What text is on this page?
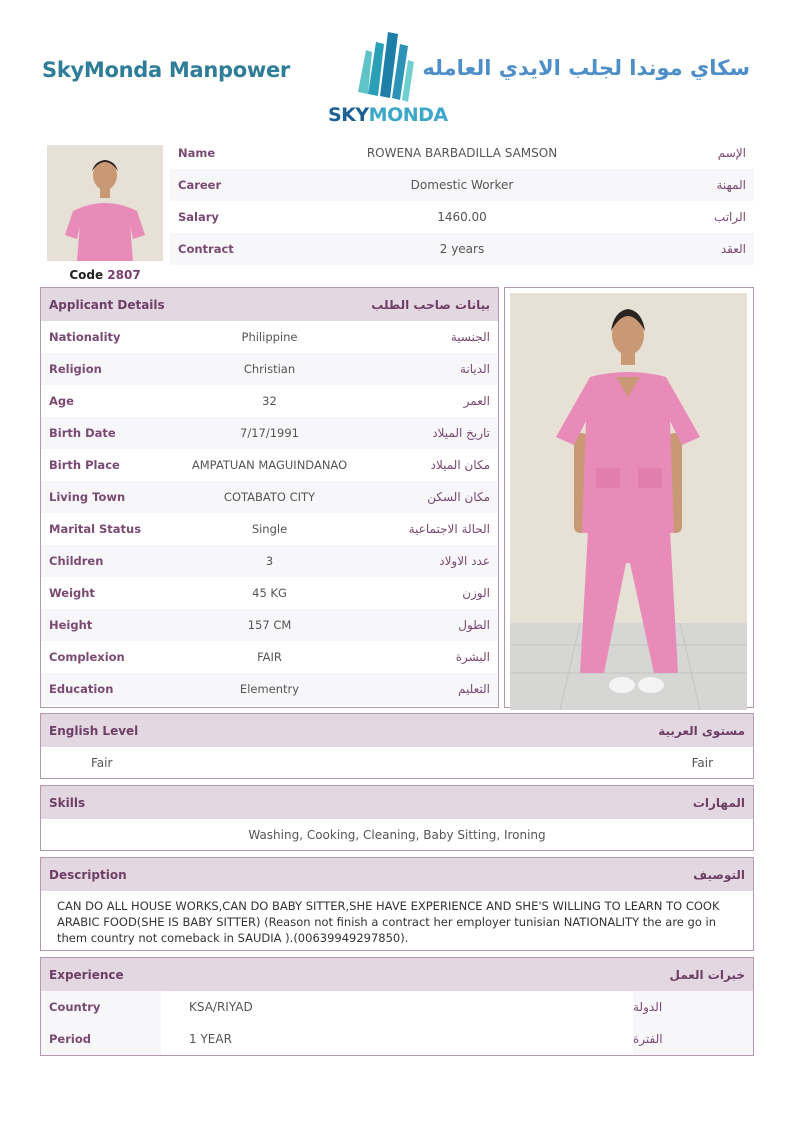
SkyMonda Manpower
SKYMONDA
سكاي موندا لجلب الايدي العامله
Code 2807
Name	ROWENA BARBADILLA SAMSON	الإسم
Career	Domestic Worker	المهنة
Salary	1460.00	الراتب
Contract	2 years	العقد
Applicant Details	بيانات صاحب الطلب
Nationality	Philippine	الجنسية
Religion	Christian	الديانة
Age	32	العمر
Birth Date	7/17/1991	تاريخ الميلاد
Birth Place	AMPATUAN MAGUINDANAO	مكان الميلاد
Living Town	COTABATO CITY	مكان السكن
Marital Status	Single	الحالة الاجتماعية
Children	3	عدد الاولاد
Weight	45 KG	الوزن
Height	157 CM	الطول
Complexion	FAIR	البشرة
Education	Elementry	التعليم
English Level	مستوى العربية
Fair	Fair
Skills	المهارات
Washing, Cooking, Cleaning, Baby Sitting, Ironing
Description	التوصيف
CAN DO ALL HOUSE WORKS,CAN DO BABY SITTER,SHE HAVE EXPERIENCE AND SHE'S WILLING TO LEARN TO COOK ARABIC FOOD(SHE IS BABY SITTER) (Reason not finish a contract her employer tunisian NATIONALITY the are go in them country not comeback in SAUDIA ).(00639949297850).
Experience	خبرات العمل
Country	KSA/RIYAD	الدولة
Period	1 YEAR	الفترة
